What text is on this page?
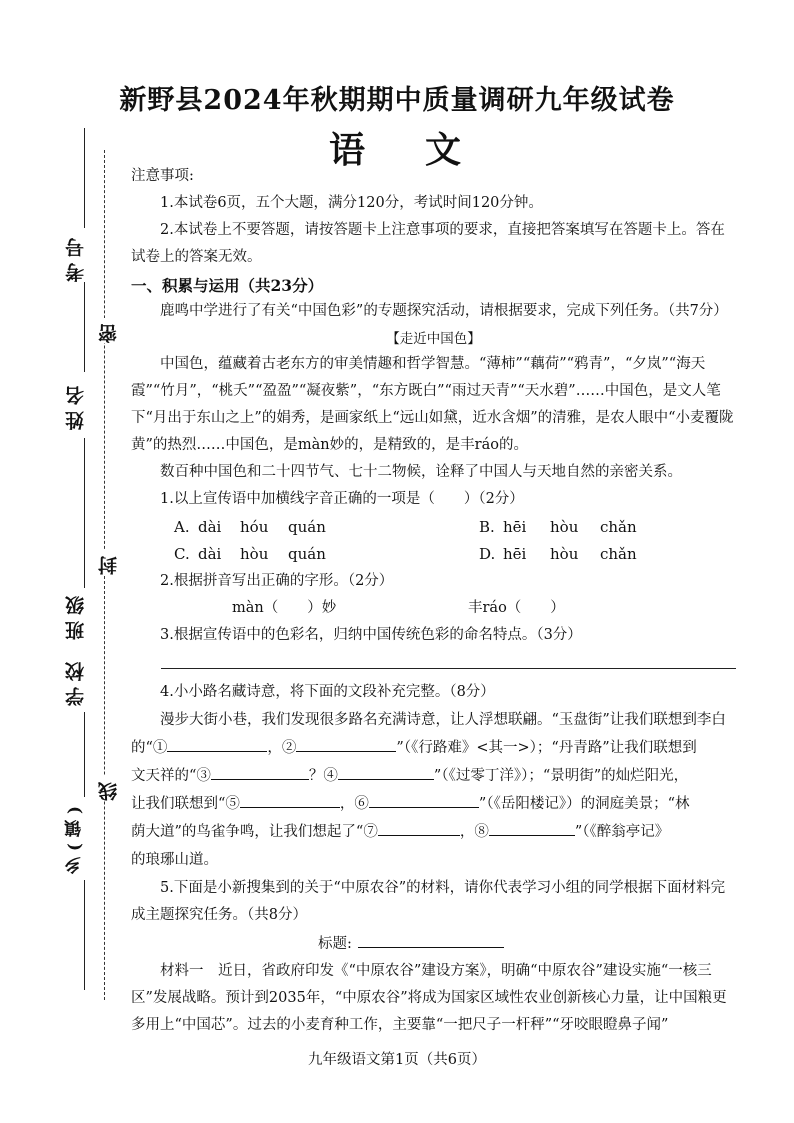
新野县2024年秋期期中质量调研九年级试卷
语 文
考号
姓名
班级
学校
乡(镇)
密
封
线
注意事项:
1.本试卷6页，五个大题，满分120分，考试时间120分钟。
2.本试卷上不要答题，请按答题卡上注意事项的要求，直接把答案填写在答题卡上。答在试卷上的答案无效。
一、积累与运用（共23分）
鹿鸣中学进行了有关“中国色彩”的专题探究活动，请根据要求，完成下列任务。（共7分）
【走近中国色】
中国色，蕴藏着古老东方的审美情趣和哲学智慧。“薄柿”“藕荷”“鸦青”，“夕岚”“海天霞”“竹月”，“桃夭”“盈盈”“凝夜紫”，“东方既白”“雨过天青”“天水碧”……中国色，是文人笔下“月出于东山之上”的娟秀，是画家纸上“远山如黛，近水含烟”的清雅，是农人眼中“小麦覆陇黄”的热烈……中国色，是màn妙的，是精致的，是丰ráo的。
数百种中国色和二十四节气、七十二物候，诠释了中国人与天地自然的亲密关系。
1.以上宣传语中加横线字音正确的一项是（　　）（2分）
A. dài hóu quán	B. hēi hòu chǎn
C. dài hòu quán	D. hēi hòu chǎn
2.根据拼音写出正确的字形。（2分）
màn（　　）妙	丰ráo（　　）
3.根据宣传语中的色彩名，归纳中国传统色彩的命名特点。（3分）
4.小小路名藏诗意，将下面的文段补充完整。（8分）
漫步大街小巷，我们发现很多路名充满诗意，让人浮想联翩。“玉盘街”让我们联想到李白
的“①	，②	”（《行路难》<其一>）；“丹青路”让我们联想到
文天祥的“③	？④	”（《过零丁洋》）；“景明街”的灿烂阳光，
让我们联想到“⑤	，⑥	”（《岳阳楼记》）的洞庭美景；“林
荫大道”的鸟雀争鸣，让我们想起了“⑦	，⑧	”（《醉翁亭记》
的琅琊山道。
5.下面是小新搜集到的关于“中原农谷”的材料，请你代表学习小组的同学根据下面材料完成主题探究任务。（共8分）
标题:
材料一　近日，省政府印发《“中原农谷”建设方案》，明确“中原农谷”建设实施“一核三区”发展战略。预计到2035年，“中原农谷”将成为国家区域性农业创新核心力量，让中国粮更多用上“中国芯”。过去的小麦育种工作，主要靠“一把尺子一杆秤”“牙咬眼瞪鼻子闻”
九年级语文第1页（共6页）
